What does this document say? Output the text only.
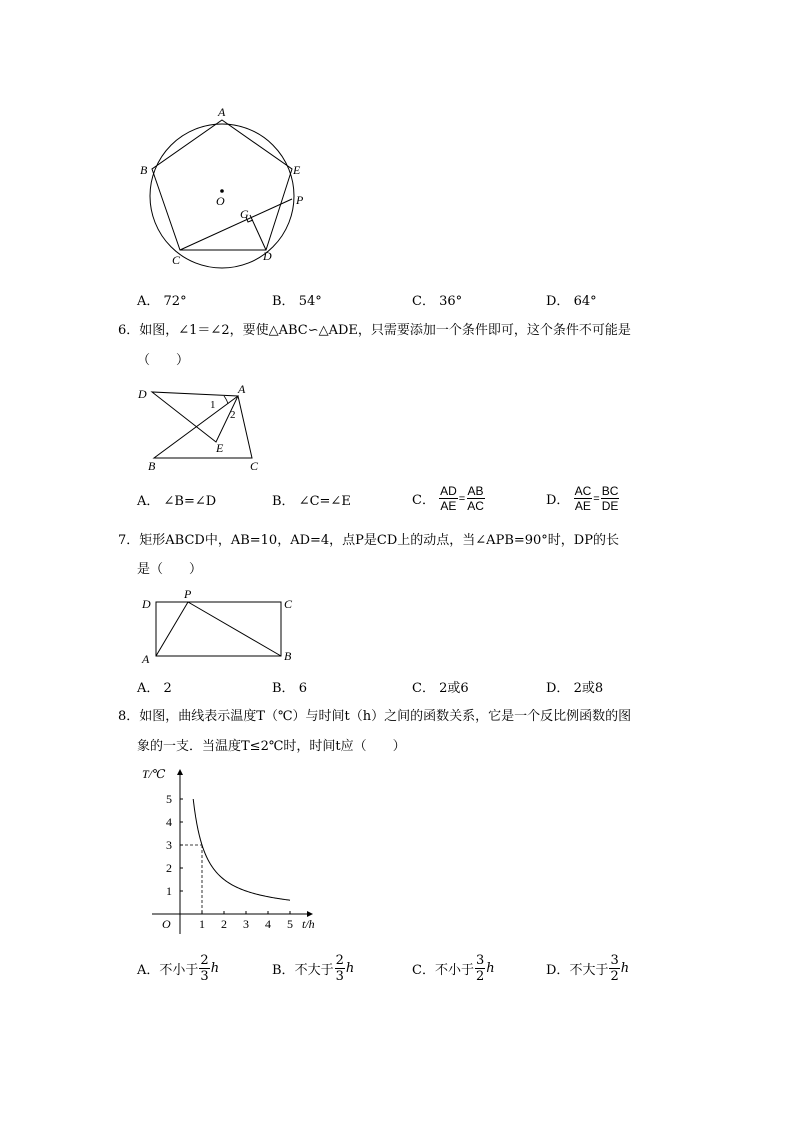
A
B	E
O
G
P
C	D
A． 72°	B． 54°	C． 36°	D． 64°
6．如图，∠1＝∠2，要使△ABC∽△ADE，只需要添加一个条件即可，这个条件不可能是
（　　）
D	A
1
2
E
B	C
A． ∠B=∠D	B． ∠C=∠E	C． $\frac{AD}{AE} = \frac{AB}{AC}$	D． $\frac{AC}{AE} = \frac{BC}{DE}$
7．矩形ABCD中，AB=10，AD=4，点P是CD上的动点，当∠APB=90°时，DP的长
是（　　）
D
P
C
A	B
A． 2	B． 6	C． 2或6	D． 2或8
8．如图，曲线表示温度T（℃）与时间t（h）之间的函数关系，它是一个反比例函数的图
象的一支．当温度T≤2℃时，时间t应（　　）
1 2 3 4 5
1
2
3
4
5
T/℃
t/h
O
A．不小于 $\frac{2}{3}$ h	B．不大于 $\frac{2}{3}$ h	C．不小于 $\frac{3}{2}$ h	D．不大于 $\frac{3}{2}$ h
